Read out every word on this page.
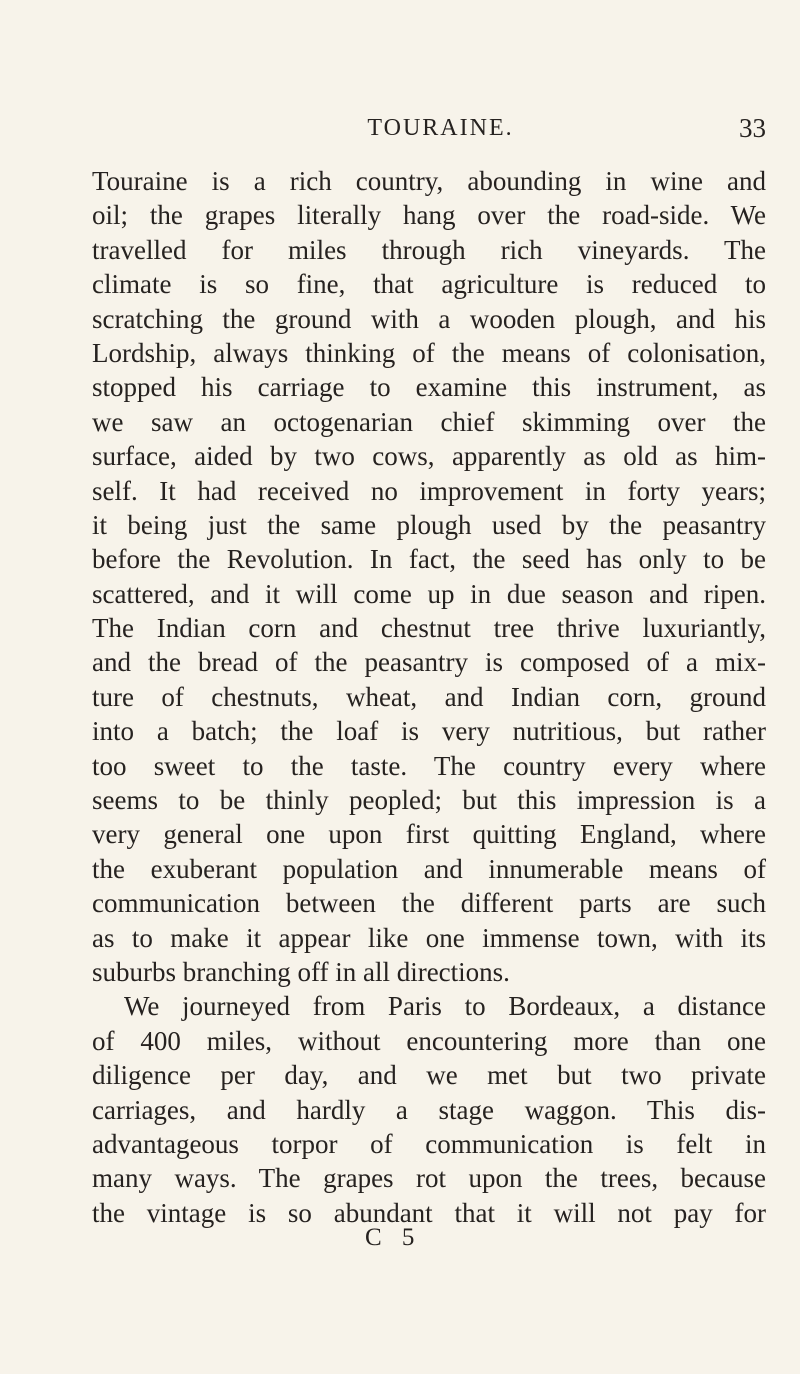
TOURAINE.	33
Touraine is a rich country, abounding in wine and
oil; the grapes literally hang over the road-side. We
travelled for miles through rich vineyards. The
climate is so fine, that agriculture is reduced to
scratching the ground with a wooden plough, and his
Lordship, always thinking of the means of colonisation,
stopped his carriage to examine this instrument, as
we saw an octogenarian chief skimming over the
surface, aided by two cows, apparently as old as him-
self. It had received no improvement in forty years;
it being just the same plough used by the peasantry
before the Revolution. In fact, the seed has only to be
scattered, and it will come up in due season and ripen.
The Indian corn and chestnut tree thrive luxuriantly,
and the bread of the peasantry is composed of a mix-
ture of chestnuts, wheat, and Indian corn, ground
into a batch; the loaf is very nutritious, but rather
too sweet to the taste. The country every where
seems to be thinly peopled; but this impression is a
very general one upon first quitting England, where
the exuberant population and innumerable means of
communication between the different parts are such
as to make it appear like one immense town, with its
suburbs branching off in all directions.
We journeyed from Paris to Bordeaux, a distance
of 400 miles, without encountering more than one
diligence per day, and we met but two private
carriages, and hardly a stage waggon. This dis-
advantageous torpor of communication is felt in
many ways. The grapes rot upon the trees, because
the vintage is so abundant that it will not pay for
C 5
